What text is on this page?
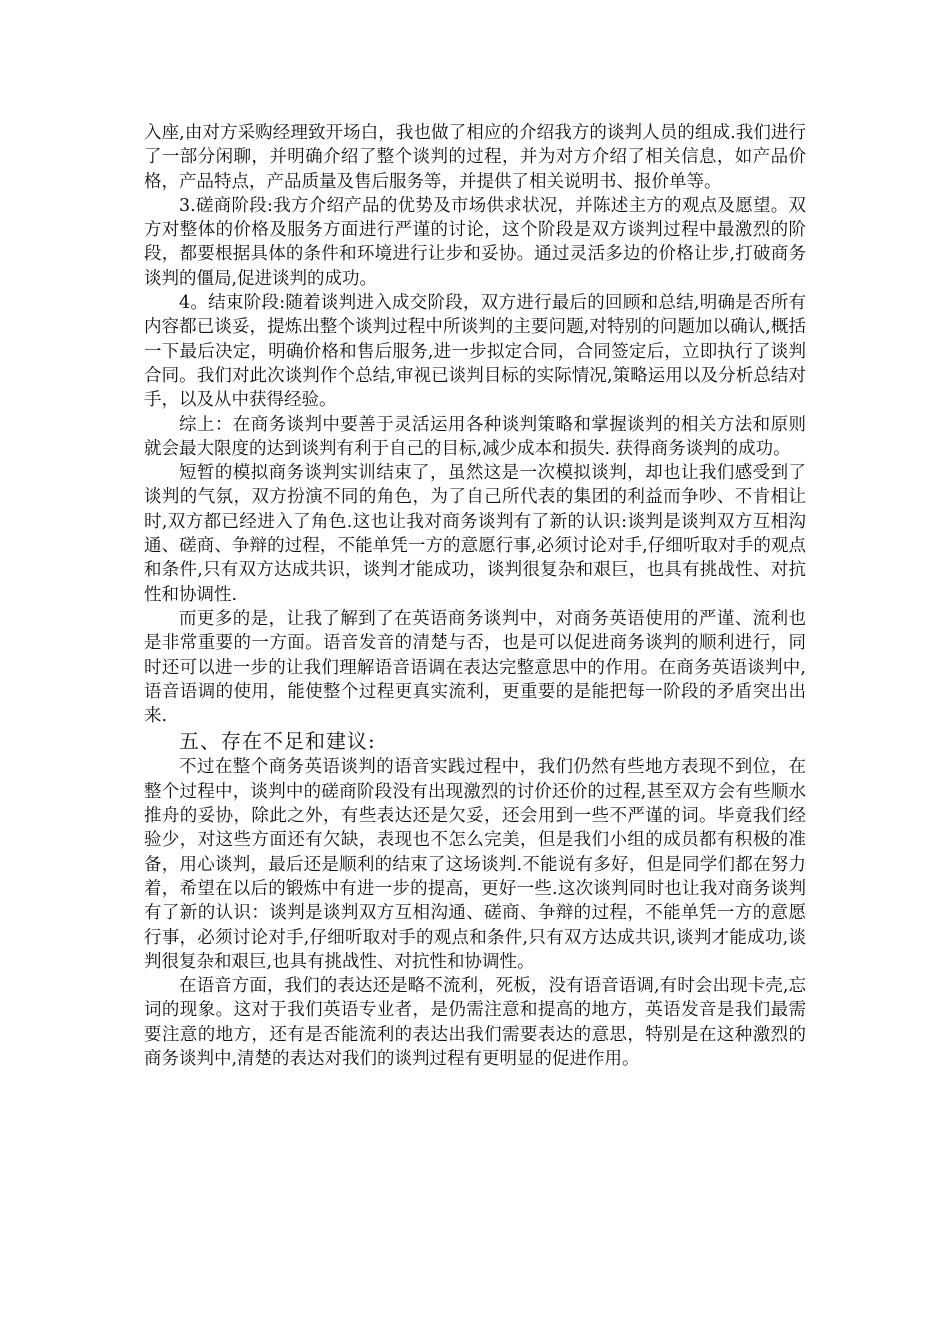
入座,由对方采购经理致开场白，我也做了相应的介绍我方的谈判人员的组成.我们进行了一部分闲聊，并明确介绍了整个谈判的过程，并为对方介绍了相关信息，如产品价格，产品特点，产品质量及售后服务等，并提供了相关说明书、报价单等。

3.磋商阶段:我方介绍产品的优势及市场供求状况，并陈述主方的观点及愿望。双方对整体的价格及服务方面进行严谨的讨论，这个阶段是双方谈判过程中最激烈的阶段，都要根据具体的条件和环境进行让步和妥协。通过灵活多边的价格让步,打破商务谈判的僵局,促进谈判的成功。

4。结束阶段:随着谈判进入成交阶段，双方进行最后的回顾和总结,明确是否所有内容都已谈妥，提炼出整个谈判过程中所谈判的主要问题,对特别的问题加以确认,概括一下最后决定，明确价格和售后服务,进一步拟定合同，合同签定后，立即执行了谈判合同。我们对此次谈判作个总结,审视已谈判目标的实际情况,策略运用以及分析总结对手，以及从中获得经验。

综上：在商务谈判中要善于灵活运用各种谈判策略和掌握谈判的相关方法和原则就会最大限度的达到谈判有利于自己的目标,减少成本和损失. 获得商务谈判的成功。

短暂的模拟商务谈判实训结束了，虽然这是一次模拟谈判，却也让我们感受到了谈判的气氛，双方扮演不同的角色，为了自己所代表的集团的利益而争吵、不肯相让时,双方都已经进入了角色.这也让我对商务谈判有了新的认识:谈判是谈判双方互相沟通、磋商、争辩的过程，不能单凭一方的意愿行事,必须讨论对手,仔细听取对手的观点和条件,只有双方达成共识，谈判才能成功，谈判很复杂和艰巨，也具有挑战性、对抗性和协调性.

而更多的是，让我了解到了在英语商务谈判中，对商务英语使用的严谨、流利也是非常重要的一方面。语音发音的清楚与否，也是可以促进商务谈判的顺利进行，同时还可以进一步的让我们理解语音语调在表达完整意思中的作用。在商务英语谈判中,语音语调的使用，能使整个过程更真实流利，更重要的是能把每一阶段的矛盾突出出来.

五、存在不足和建议:

不过在整个商务英语谈判的语音实践过程中，我们仍然有些地方表现不到位，在整个过程中，谈判中的磋商阶段没有出现激烈的讨价还价的过程,甚至双方会有些顺水推舟的妥协，除此之外，有些表达还是欠妥，还会用到一些不严谨的词。毕竟我们经验少，对这些方面还有欠缺，表现也不怎么完美，但是我们小组的成员都有积极的准备，用心谈判，最后还是顺利的结束了这场谈判.不能说有多好，但是同学们都在努力着，希望在以后的锻炼中有进一步的提高，更好一些.这次谈判同时也让我对商务谈判有了新的认识：谈判是谈判双方互相沟通、磋商、争辩的过程，不能单凭一方的意愿行事，必须讨论对手,仔细听取对手的观点和条件,只有双方达成共识,谈判才能成功,谈判很复杂和艰巨,也具有挑战性、对抗性和协调性。

在语音方面，我们的表达还是略不流利，死板，没有语音语调,有时会出现卡壳,忘词的现象。这对于我们英语专业者，是仍需注意和提高的地方，英语发音是我们最需要注意的地方，还有是否能流利的表达出我们需要表达的意思，特别是在这种激烈的商务谈判中,清楚的表达对我们的谈判过程有更明显的促进作用。
